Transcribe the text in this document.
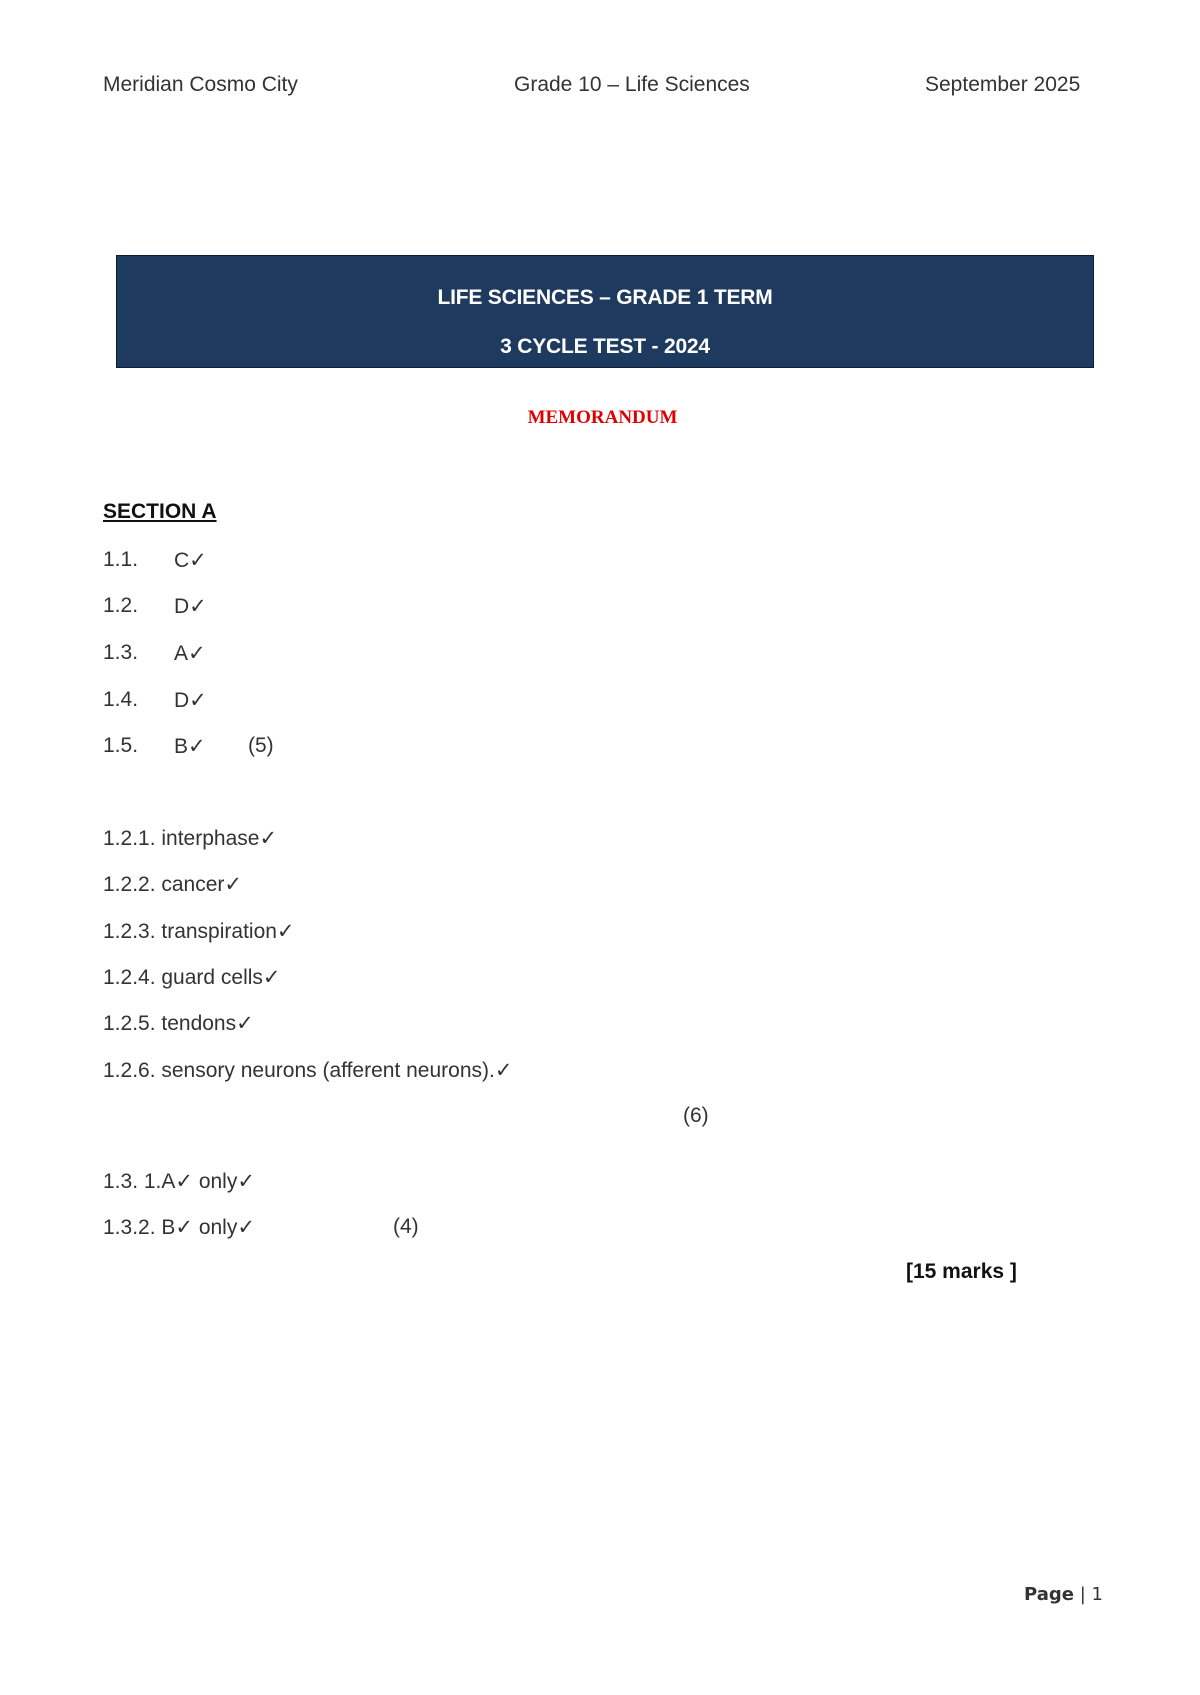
Meridian Cosmo City	Grade 10 – Life Sciences	September 2025
LIFE SCIENCES – GRADE 1 TERM
3 CYCLE TEST - 2024
MEMORANDUM
SECTION A
1.1. C✓
1.2. D✓
1.3. A✓
1.4. D✓
1.5. B✓ (5)
1.2.1. interphase✓
1.2.2. cancer✓
1.2.3. transpiration✓
1.2.4. guard cells✓
1.2.5. tendons✓
1.2.6. sensory neurons (afferent neurons).✓
(6)
1.3. 1.A✓ only✓
1.3.2. B✓ only✓	(4)
[15 marks ]
Page | 1
